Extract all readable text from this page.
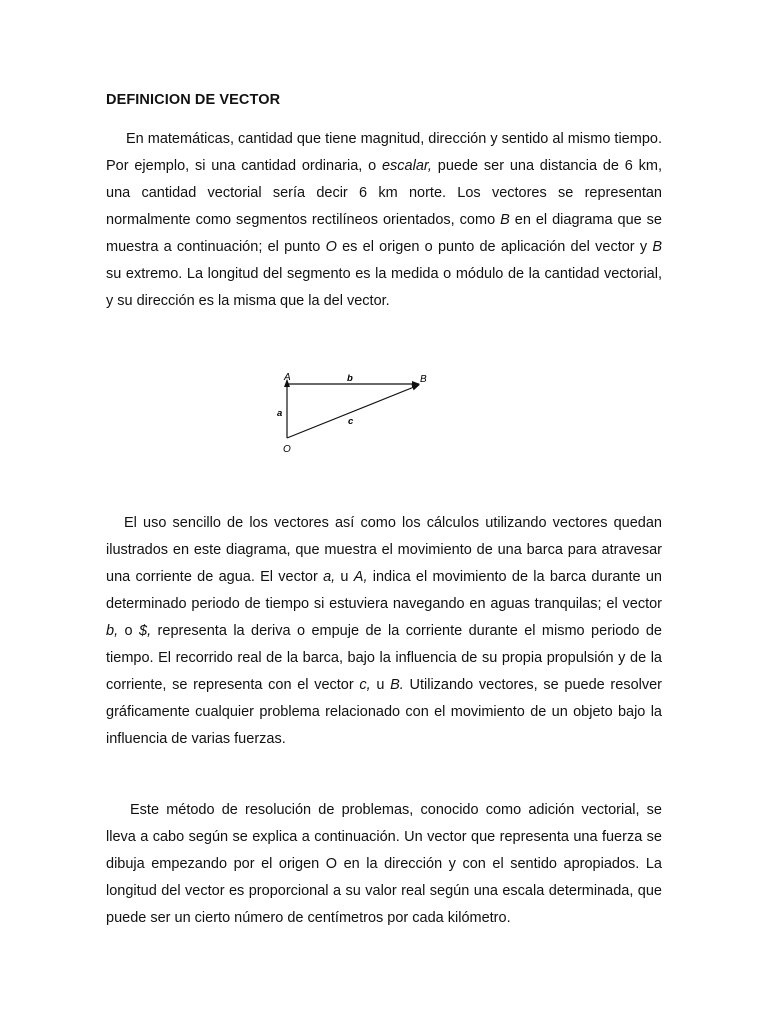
DEFINICION DE VECTOR

En matemáticas, cantidad que tiene magnitud, dirección y sentido al mismo tiempo. Por ejemplo, si una cantidad ordinaria, o escalar, puede ser una distancia de 6 km, una cantidad vectorial sería decir 6 km norte. Los vectores se representan normalmente como segmentos rectilíneos orientados, como B en el diagrama que se muestra a continuación; el punto O es el origen o punto de aplicación del vector y B su extremo. La longitud del segmento es la medida o módulo de la cantidad vectorial, y su dirección es la misma que la del vector.

A	B
O
a
b
c

El uso sencillo de los vectores así como los cálculos utilizando vectores quedan ilustrados en este diagrama, que muestra el movimiento de una barca para atravesar una corriente de agua. El vector a, u A, indica el movimiento de la barca durante un determinado periodo de tiempo si estuviera navegando en aguas tranquilas; el vector b, o $, representa la deriva o empuje de la corriente durante el mismo periodo de tiempo. El recorrido real de la barca, bajo la influencia de su propia propulsión y de la corriente, se representa con el vector c, u B. Utilizando vectores, se puede resolver gráficamente cualquier problema relacionado con el movimiento de un objeto bajo la influencia de varias fuerzas.

Este método de resolución de problemas, conocido como adición vectorial, se lleva a cabo según se explica a continuación. Un vector que representa una fuerza se dibuja empezando por el origen O en la dirección y con el sentido apropiados. La longitud del vector es proporcional a su valor real según una escala determinada, que puede ser un cierto número de centímetros por cada kilómetro.
